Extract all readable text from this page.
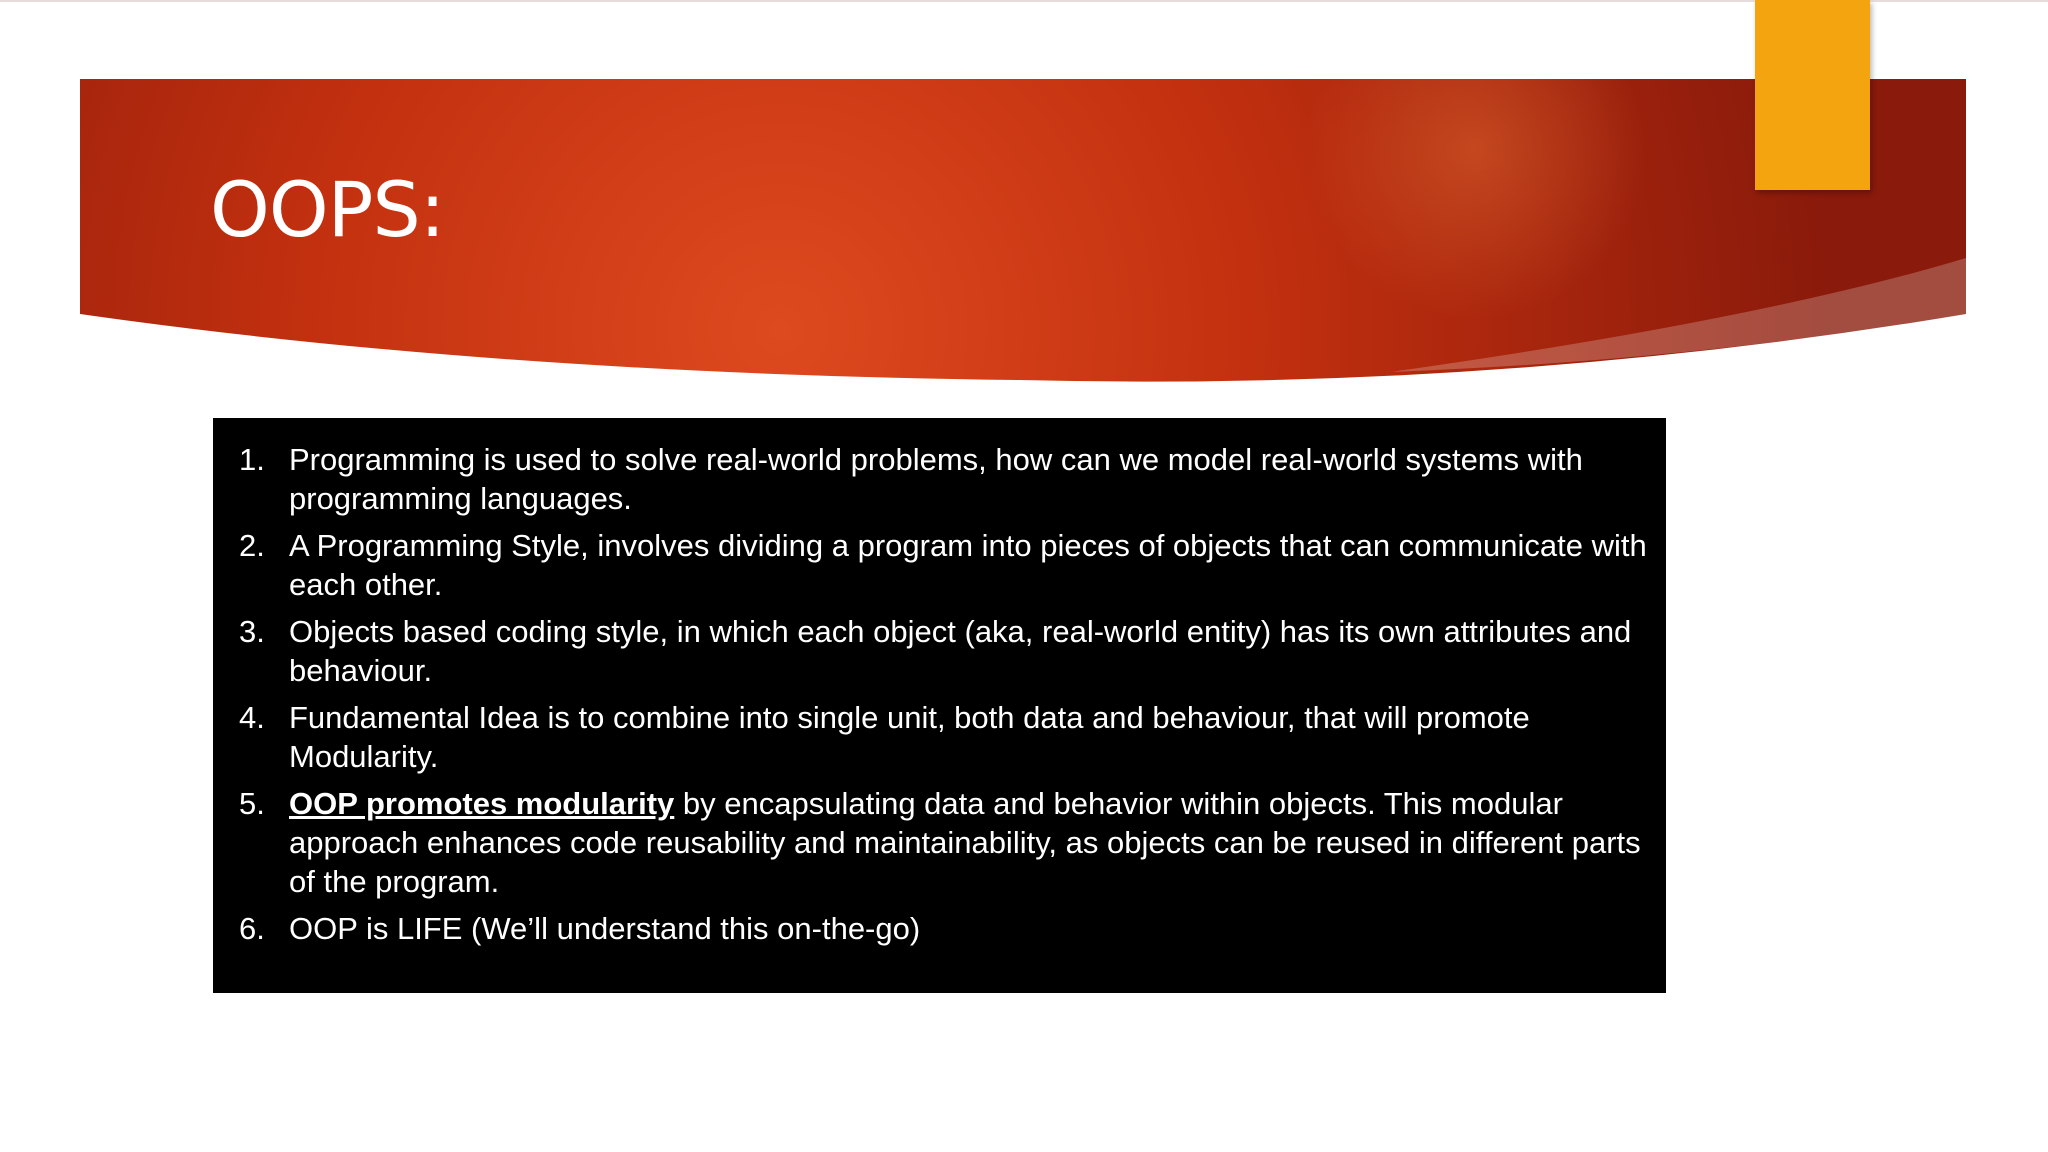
OOPS:
1. Programming is used to solve real-world problems, how can we model real-world systems with programming languages.
2. A Programming Style, involves dividing a program into pieces of objects that can communicate with each other.
3. Objects based coding style, in which each object (aka, real-world entity) has its own attributes and behaviour.
4. Fundamental Idea is to combine into single unit, both data and behaviour, that will promote Modularity.
5. OOP promotes modularity by encapsulating data and behavior within objects. This modular approach enhances code reusability and maintainability, as objects can be reused in different parts of the program.
6. OOP is LIFE (We’ll understand this on-the-go)
